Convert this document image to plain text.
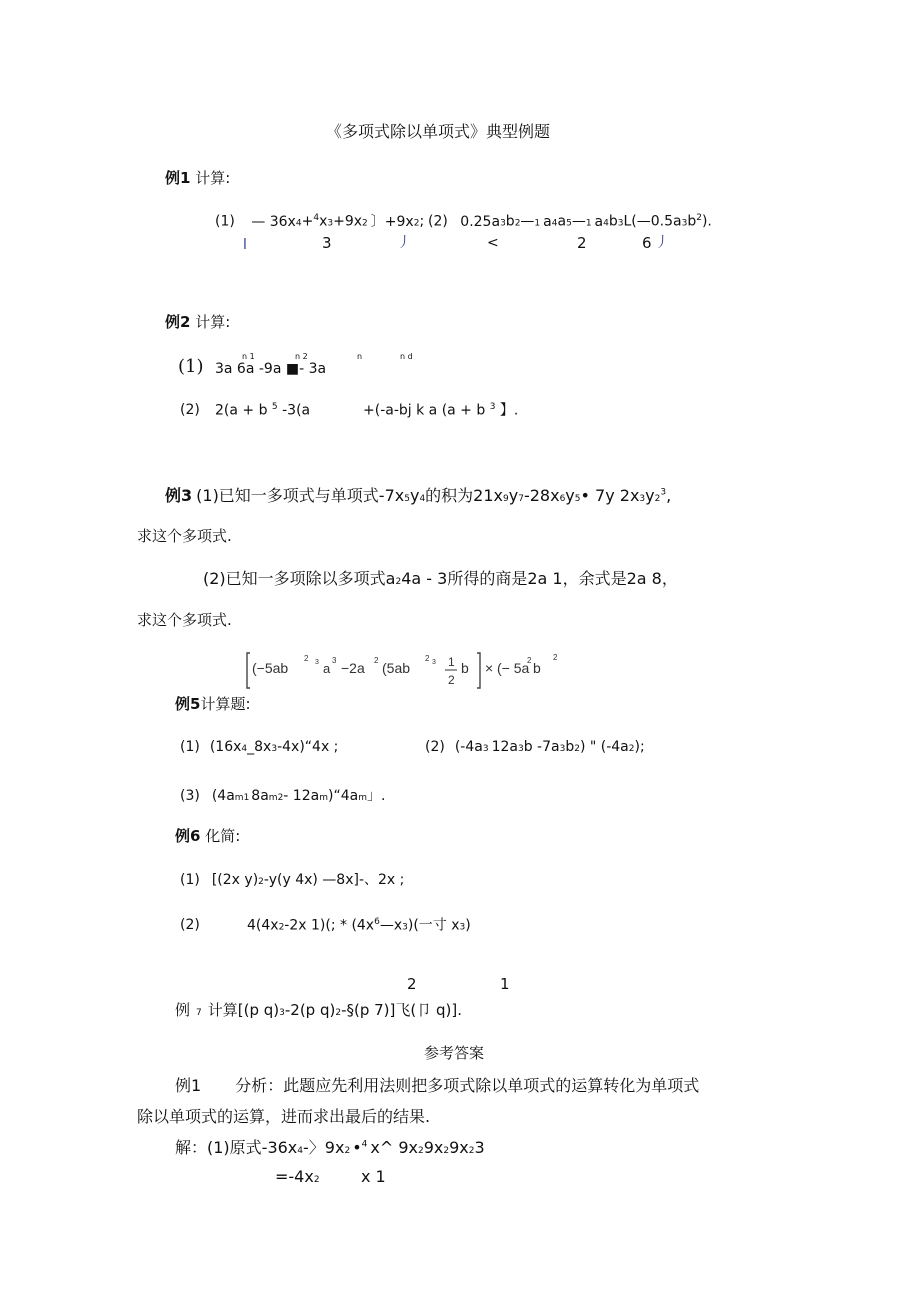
《多项式除以单项式》典型例题
例1 计算:
(1) — 36x4+$^4$x3+9x2 〕+9x2; (2) 0.25a3b2—1 a4a5—1 $a4b3L(—0.5a3b^2)$.
l	3	丿	<	2	6 丿
例2 计算:
n 1	n 2	n	n d
(1) 3a 6a -9a ■- 3a
(2) 2(a + b $^5$ -3(a	+(-a-bj k a (a + b $^3$ 】.
例3 (1)已知一多项式与单项式-7x5y4的积为21x9y7-28x6y5• 7y $2x3y2^3$,
求这个多项式.
(2)已知一多项除以多项式a24a - 3所得的商是2a 1，余式是2a 8，
求这个多项式.
(−5ab
2 3 a
3 −2a 2 (5ab
2 3 1
2
b × (− 5a
2 b
2
例5计算题:
(1) (16x4_8x3-4x)“4x ;	(2) (-4a3 12a3b -7a3b2) " (-4a2);
(3) (4am1 8am2- 12am)“4am」.
例6 化简:
(1) [(2x y)2-y(y 4x) —8x]-、2x ;
(2)	4(4x2-2x 1)(; * $(4x^6—x3)$(一寸 x3)
2	1
例 7 计算[(p q)3-2(p q)2-§(p 7)]飞(卩 q)].
参考答案
例1 分析：此题应先利用法则把多项式除以单项式的运算转化为单项式
除以单项式的运算，进而求出最后的结果.
解：(1)原式-36x4-〉9x2 •$^4$ x^ 9x29x29x23
=-4x2	x 1
